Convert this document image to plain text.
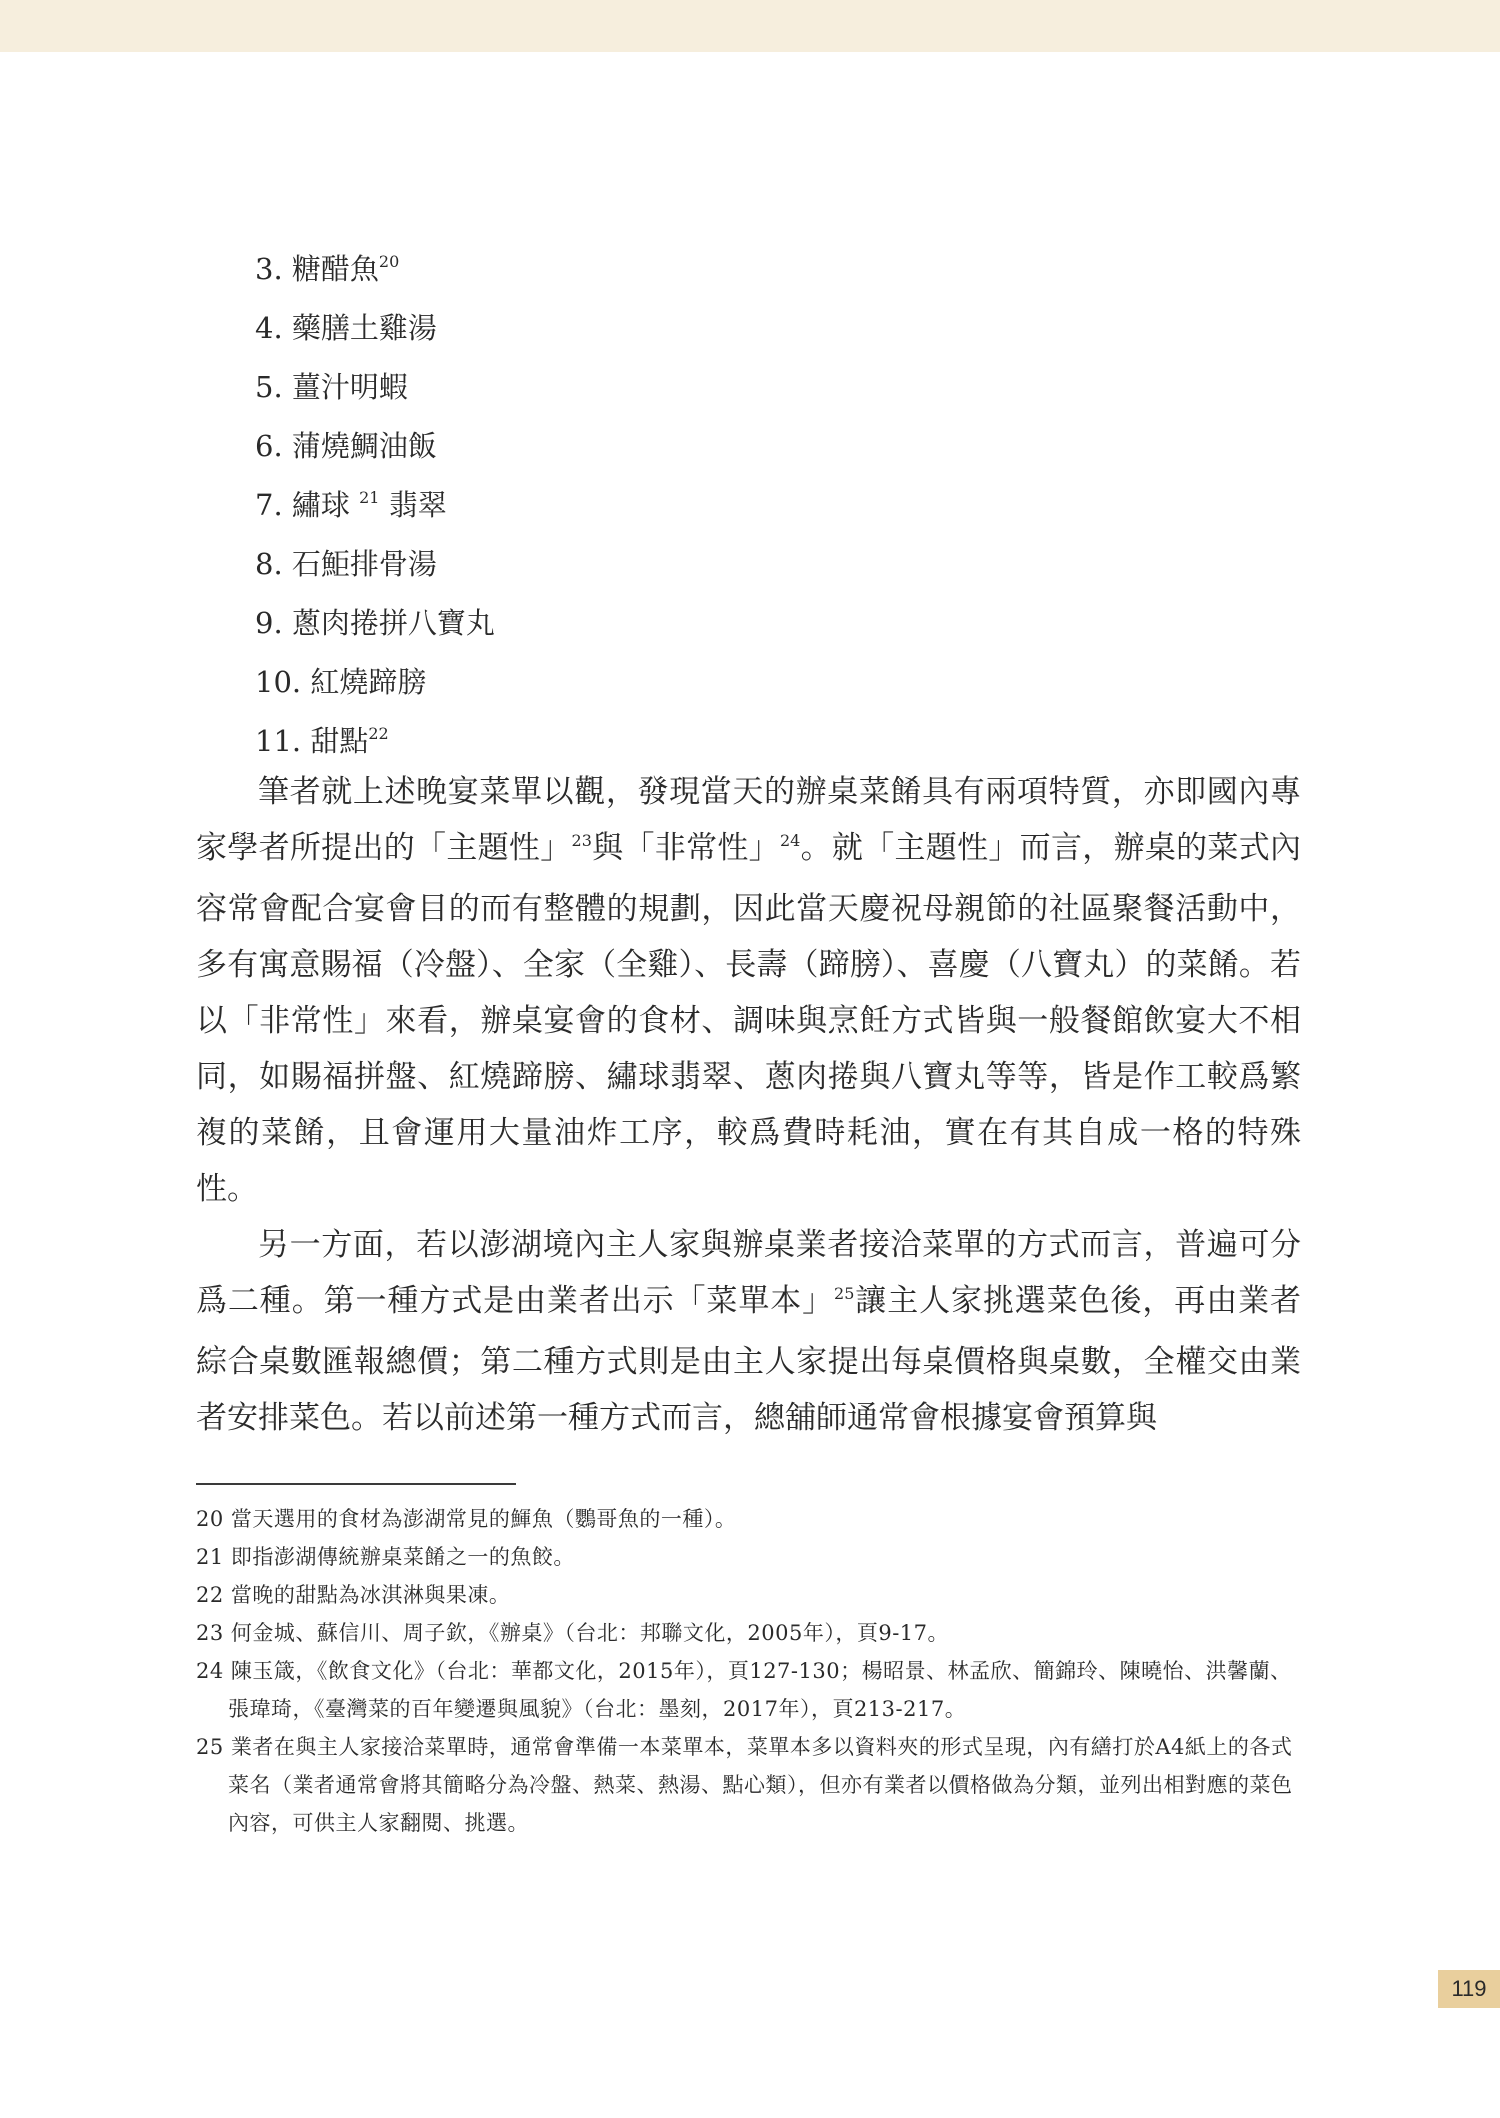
3. 糖醋魚$^{20}$
4. 藥膳土雞湯
5. 薑汁明蝦
6. 蒲燒鯛油飯
7. 繡球 $^{21}$ 翡翠
8. 石鮔排骨湯
9. 蔥肉捲拼八寶丸
10. 紅燒蹄膀
11. 甜點$^{22}$

筆者就上述晚宴菜單以觀，發現當天的辦桌菜餚具有兩項特質，亦即國內專家學者所提出的「主題性」$^{23}$與「非常性」$^{24}$。就「主題性」而言，辦桌的菜式內容常會配合宴會目的而有整體的規劃，因此當天慶祝母親節的社區聚餐活動中，多有寓意賜福（冷盤）、全家（全雞）、長壽（蹄膀）、喜慶（八寶丸）的菜餚。若以「非常性」來看，辦桌宴會的食材、調味與烹飪方式皆與一般餐館飲宴大不相同，如賜福拼盤、紅燒蹄膀、繡球翡翠、蔥肉捲與八寶丸等等，皆是作工較爲繁複的菜餚，且會運用大量油炸工序，較爲費時耗油，實在有其自成一格的特殊性。

另一方面，若以澎湖境內主人家與辦桌業者接洽菜單的方式而言，普遍可分爲二種。第一種方式是由業者出示「菜單本」$^{25}$讓主人家挑選菜色後，再由業者綜合桌數匯報總價；第二種方式則是由主人家提出每桌價格與桌數，全權交由業者安排菜色。若以前述第一種方式而言，總舖師通常會根據宴會預算與

20 當天選用的食材為澎湖常見的鯶魚（鸚哥魚的一種）。
21 即指澎湖傳統辦桌菜餚之一的魚餃。
22 當晚的甜點為冰淇淋與果凍。
23 何金城、蘇信川、周子欽，《辦桌》（台北：邦聯文化，2005年），頁9-17。
24 陳玉箴，《飲食文化》（台北：華都文化，2015年），頁127-130；楊昭景、林孟欣、簡錦玲、陳曉怡、洪馨蘭、張瑋琦，《臺灣菜的百年變遷與風貌》（台北：墨刻，2017年），頁213-217。
25 業者在與主人家接洽菜單時，通常會準備一本菜單本，菜單本多以資料夾的形式呈現，內有繕打於A4紙上的各式菜名（業者通常會將其簡略分為冷盤、熱菜、熱湯、點心類），但亦有業者以價格做為分類，並列出相對應的菜色內容，可供主人家翻閱、挑選。
119
